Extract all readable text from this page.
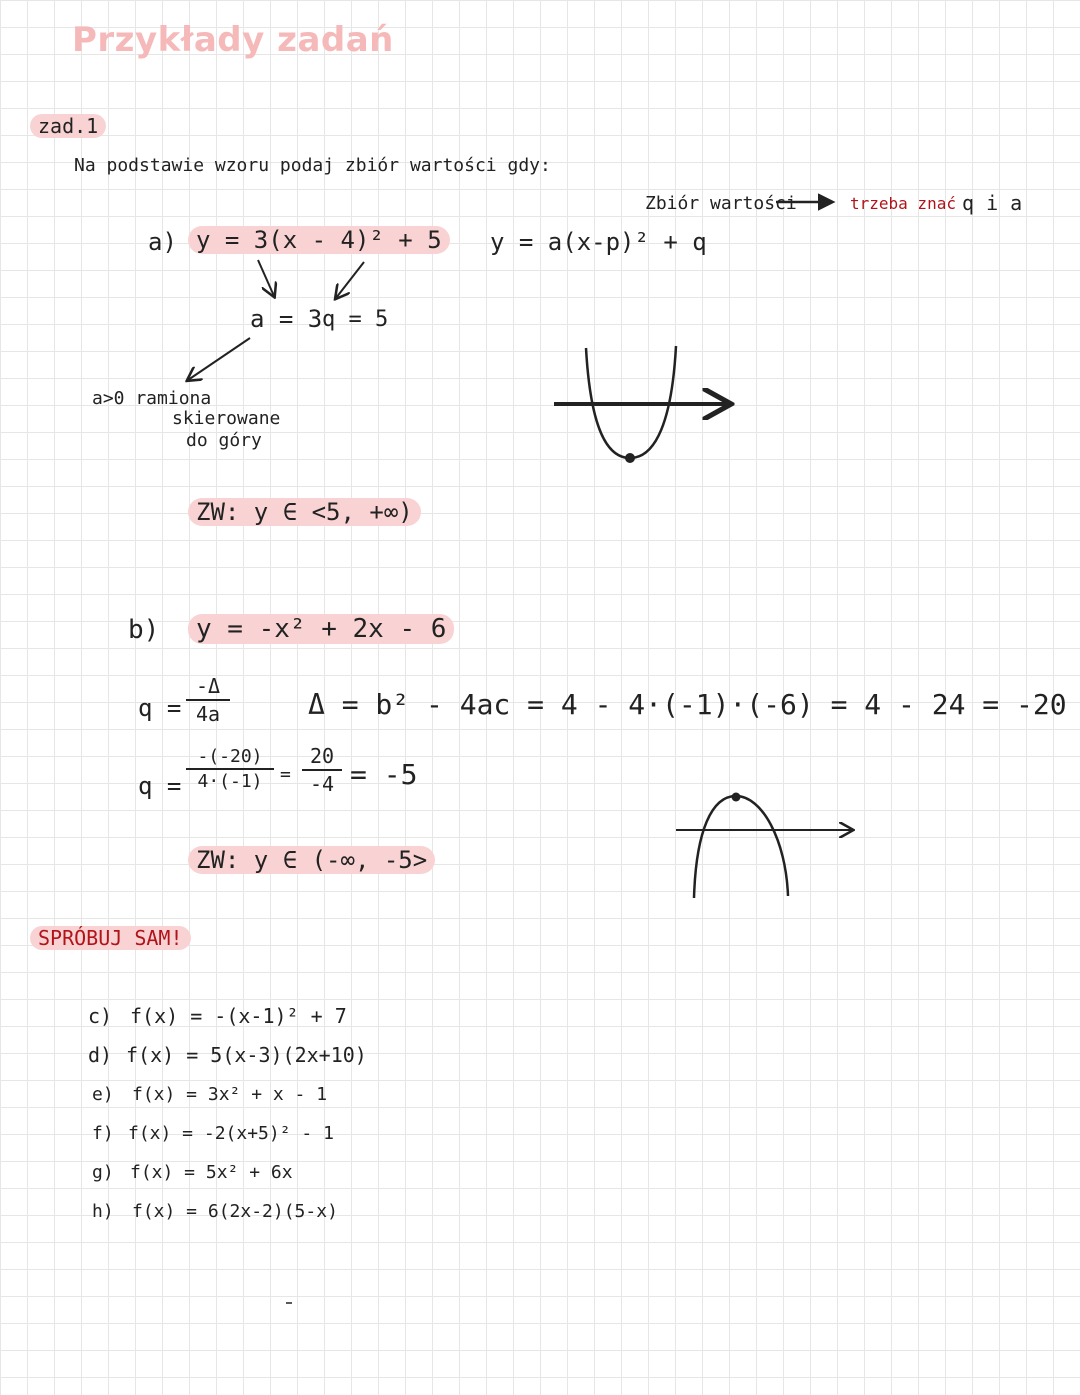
Przykłady zadań
zad.1
Na podstawie wzoru podaj zbiór wartości gdy:
Zbiór wartości	trzeba znać q i a
y = a(x-p)² + q
a) y = 3(x - 4)² + 5
a = 3 q = 5
a>0 ramiona
skierowane
do góry
ZW: y ∈ <5, +∞)
b)	y = -x² + 2x - 6
q =
-Δ
4a	Δ = b² - 4ac = 4 - 4·(-1)·(-6) = 4 - 24 = -20
q =
-(-20)
4·(-1) =
20
-4 = -5
ZW: y ∈ (-∞, -5>
SPRÓBUJ SAM!
c) f(x) = -(x-1)² + 7
d) f(x) = 5(x-3)(2x+10)
e) f(x) = 3x² + x - 1
f) f(x) = -2(x+5)² - 1
g) f(x) = 5x² + 6x
h) f(x) = 6(2x-2)(5-x)
